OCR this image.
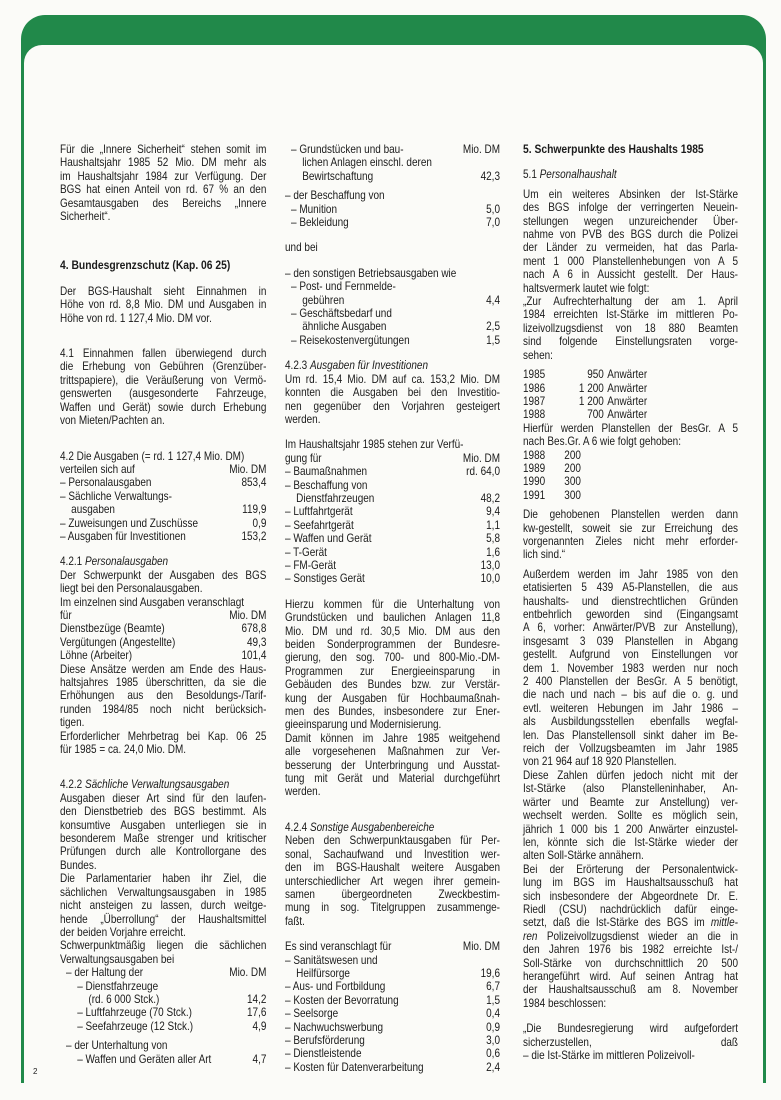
Für die „Innere Sicherheit“ stehen somit im
Haushaltsjahr 1985 52 Mio. DM mehr als
im Haushaltsjahr 1984 zur Verfügung. Der
BGS hat einen Anteil von rd. 67 % an den
Gesamtausgaben des Bereichs „Innere
Sicherheit“.
4. Bundesgrenzschutz (Kap. 06 25)
Der BGS-Haushalt sieht Einnahmen in
Höhe von rd. 8,8 Mio. DM und Ausgaben in
Höhe von rd. 1 127,4 Mio. DM vor.
4.1 Einnahmen fallen überwiegend durch
die Erhebung von Gebühren (Grenzüber-
trittspapiere), die Veräußerung von Vermö-
genswerten (ausgesonderte Fahrzeuge,
Waffen und Gerät) sowie durch Erhebung
von Mieten/Pachten an.
4.2 Die Ausgaben (= rd. 1 127,4 Mio. DM)
verteilen sich auf	Mio. DM
– Personalausgaben	853,4
– Sächliche Verwaltungs-
ausgaben	119,9
– Zuweisungen und Zuschüsse	0,9
– Ausgaben für Investitionen	153,2
4.2.1 Personalausgaben
Der Schwerpunkt der Ausgaben des BGS
liegt bei den Personalausgaben.
Im einzelnen sind Ausgaben veranschlagt
für	Mio. DM
Dienstbezüge (Beamte)	678,8
Vergütungen (Angestellte)	49,3
Löhne (Arbeiter)	101,4
Diese Ansätze werden am Ende des Haus-
haltsjahres 1985 überschritten, da sie die
Erhöhungen aus den Besoldungs-/Tarif-
runden 1984/85 noch nicht berücksich-
tigen.
Erforderlicher Mehrbetrag bei Kap. 06 25
für 1985 = ca. 24,0 Mio. DM.
4.2.2 Sächliche Verwaltungsausgaben
Ausgaben dieser Art sind für den laufen-
den Dienstbetrieb des BGS bestimmt. Als
konsumtive Ausgaben unterliegen sie in
besonderem Maße strenger und kritischer
Prüfungen durch alle Kontrollorgane des
Bundes.
Die Parlamentarier haben ihr Ziel, die
sächlichen Verwaltungsausgaben in 1985
nicht ansteigen zu lassen, durch weitge-
hende „Überrollung“ der Haushaltsmittel
der beiden Vorjahre erreicht.
Schwerpunktmäßig liegen die sächlichen
Verwaltungsausgaben bei
– der Haltung der	Mio. DM
– Dienstfahrzeuge
(rd. 6 000 Stck.)	14,2
– Luftfahrzeuge (70 Stck.)	17,6
– Seefahrzeuge (12 Stck.)	4,9
– der Unterhaltung von
– Waffen und Geräten aller Art	4,7
– Grundstücken und bau-	Mio. DM
lichen Anlagen einschl. deren
Bewirtschaftung	42,3
– der Beschaffung von
– Munition	5,0
– Bekleidung	7,0
und bei
– den sonstigen Betriebsausgaben wie
– Post- und Fernmelde-
gebühren	4,4
– Geschäftsbedarf und
ähnliche Ausgaben	2,5
– Reisekostenvergütungen	1,5
4.2.3 Ausgaben für Investitionen
Um rd. 15,4 Mio. DM auf ca. 153,2 Mio. DM
konnten die Ausgaben bei den Investitio-
nen gegenüber den Vorjahren gesteigert
werden.
Im Haushaltsjahr 1985 stehen zur Verfü-
gung für	Mio. DM
– Baumaßnahmen	rd. 64,0
– Beschaffung von
Dienstfahrzeugen	48,2
– Luftfahrtgerät	9,4
– Seefahrtgerät	1,1
– Waffen und Gerät	5,8
– T-Gerät	1,6
– FM-Gerät	13,0
– Sonstiges Gerät	10,0
Hierzu kommen für die Unterhaltung von
Grundstücken und baulichen Anlagen 11,8
Mio. DM und rd. 30,5 Mio. DM aus den
beiden Sonderprogrammen der Bundesre-
gierung, den sog. 700- und 800-Mio.-DM-
Programmen zur Energieeinsparung in
Gebäuden des Bundes bzw. zur Verstär-
kung der Ausgaben für Hochbaumaßnah-
men des Bundes, insbesondere zur Ener-
gieeinsparung und Modernisierung.
Damit können im Jahre 1985 weitgehend
alle vorgesehenen Maßnahmen zur Ver-
besserung der Unterbringung und Ausstat-
tung mit Gerät und Material durchgeführt
werden.
4.2.4 Sonstige Ausgabenbereiche
Neben den Schwerpunktausgaben für Per-
sonal, Sachaufwand und Investition wer-
den im BGS-Haushalt weitere Ausgaben
unterschiedlicher Art wegen ihrer gemein-
samen übergeordneten Zweckbestim-
mung in sog. Titelgruppen zusammenge-
faßt.
Es sind veranschlagt für	Mio. DM
– Sanitätswesen und
Heilfürsorge	19,6
– Aus- und Fortbildung	6,7
– Kosten der Bevorratung	1,5
– Seelsorge	0,4
– Nachwuchswerbung	0,9
– Berufsförderung	3,0
– Dienstleistende	0,6
– Kosten für Datenverarbeitung	2,4
5. Schwerpunkte des Haushalts 1985
5.1 Personalhaushalt
Um ein weiteres Absinken der Ist-Stärke
des BGS infolge der verringerten Neuein-
stellungen wegen unzureichender Über-
nahme von PVB des BGS durch die Polizei
der Länder zu vermeiden, hat das Parla-
ment 1 000 Planstellenhebungen von A 5
nach A 6 in Aussicht gestellt. Der Haus-
haltsvermerk lautet wie folgt:
„Zur Aufrechterhaltung der am 1. April
1984 erreichten Ist-Stärke im mittleren Po-
lizeivollzugsdienst von 18 880 Beamten
sind folgende Einstellungsraten vorge-
sehen:
1985	950 Anwärter
1986	1 200 Anwärter
1987	1 200 Anwärter
1988	700 Anwärter
Hierfür werden Planstellen der BesGr. A 5
nach Bes.Gr. A 6 wie folgt gehoben:
1988	200
1989	200
1990	300
1991	300
Die gehobenen Planstellen werden dann
kw-gestellt, soweit sie zur Erreichung des
vorgenannten Zieles nicht mehr erforder-
lich sind.“
Außerdem werden im Jahr 1985 von den
etatisierten 5 439 A5-Planstellen, die aus
haushalts- und dienstrechtlichen Gründen
entbehrlich geworden sind (Eingangsamt
A 6, vorher: Anwärter/PVB zur Anstellung),
insgesamt 3 039 Planstellen in Abgang
gestellt. Aufgrund von Einstellungen vor
dem 1. November 1983 werden nur noch
2 400 Planstellen der BesGr. A 5 benötigt,
die nach und nach – bis auf die o. g. und
evtl. weiteren Hebungen im Jahr 1986 –
als Ausbildungsstellen ebenfalls wegfal-
len. Das Planstellensoll sinkt daher im Be-
reich der Vollzugsbeamten im Jahr 1985
von 21 964 auf 18 920 Planstellen.
Diese Zahlen dürfen jedoch nicht mit der
Ist-Stärke (also Planstelleninhaber, An-
wärter und Beamte zur Anstellung) ver-
wechselt werden. Sollte es möglich sein,
jährich 1 000 bis 1 200 Anwärter einzustel-
len, könnte sich die Ist-Stärke wieder der
alten Soll-Stärke annähern.
Bei der Erörterung der Personalentwick-
lung im BGS im Haushaltsausschuß hat
sich insbesondere der Abgeordnete Dr. E.
Riedl (CSU) nachdrücklich dafür einge-
setzt, daß die Ist-Stärke des BGS im mittle-
ren Polizeivollzugsdienst wieder an die in
den Jahren 1976 bis 1982 erreichte Ist-/
Soll-Stärke von durchschnittlich 20 500
herangeführt wird. Auf seinen Antrag hat
der Haushaltsausschuß am 8. November
1984 beschlossen:
„Die Bundesregierung wird aufgefordert
sicherzustellen, daß
– die Ist-Stärke im mittleren Polizeivoll-
2
